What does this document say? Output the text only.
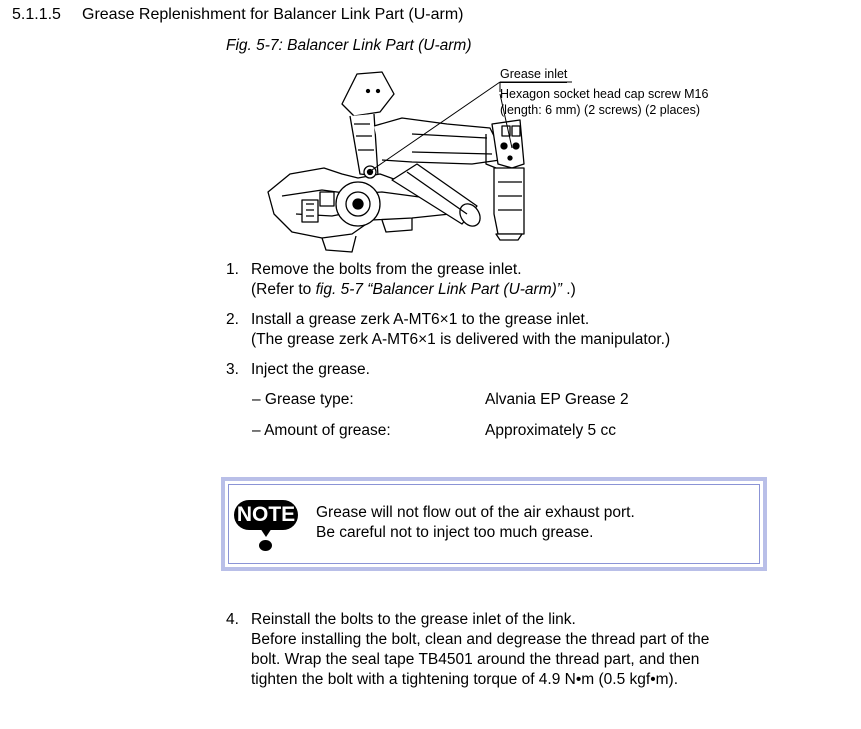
5.1.1.5 Grease Replenishment for Balancer Link Part (U-arm)
Fig. 5-7: Balancer Link Part (U-arm)
Grease inlet
Hexagon socket head cap screw M16
(length: 6 mm) (2 screws) (2 places)
1. Remove the bolts from the grease inlet.
(Refer to fig. 5-7 “Balancer Link Part (U-arm)” .)
2. Install a grease zerk A-MT6×1 to the grease inlet.
(The grease zerk A-MT6×1 is delivered with the manipulator.)
3. Inject the grease.
– Grease type:	Alvania EP Grease 2
– Amount of grease:	Approximately 5 cc
NOTE Grease will not flow out of the air exhaust port.
Be careful not to inject too much grease.
4. Reinstall the bolts to the grease inlet of the link.
Before installing the bolt, clean and degrease the thread part of the
bolt. Wrap the seal tape TB4501 around the thread part, and then
tighten the bolt with a tightening torque of 4.9 N•m (0.5 kgf•m).
